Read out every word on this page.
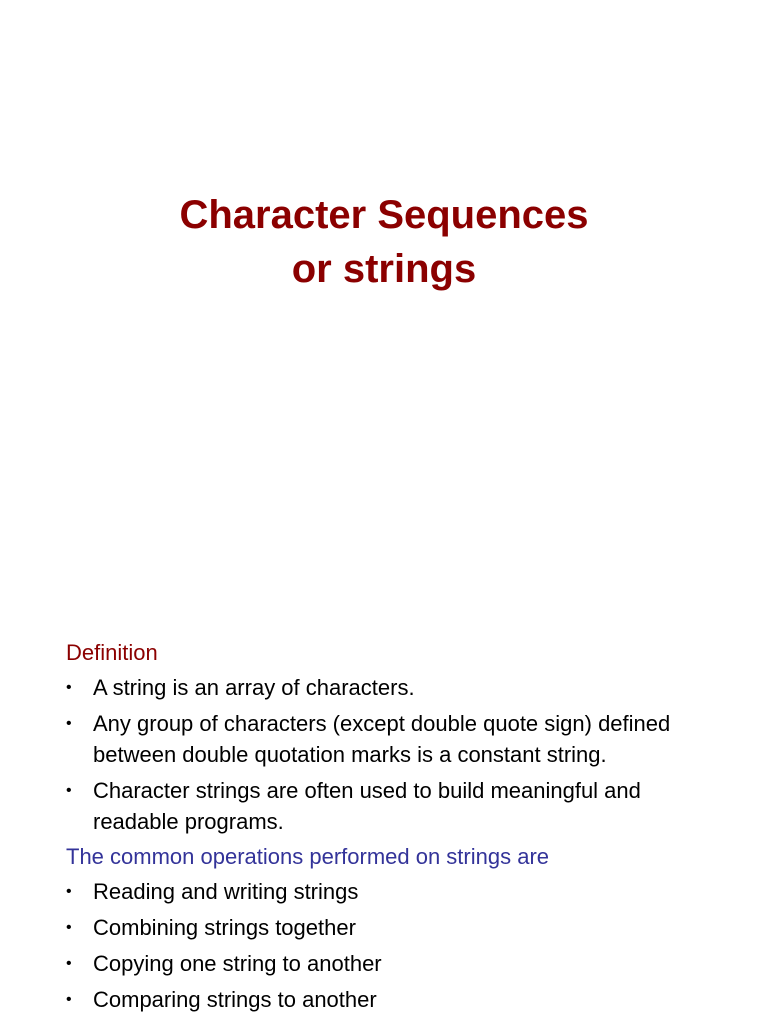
Character Sequences
or strings
Definition
• A string is an array of characters.
• Any group of characters (except double quote sign) defined between double quotation marks is a constant string.
• Character strings are often used to build meaningful and readable programs.
The common operations performed on strings are
• Reading and writing strings
• Combining strings together
• Copying one string to another
• Comparing strings to another
